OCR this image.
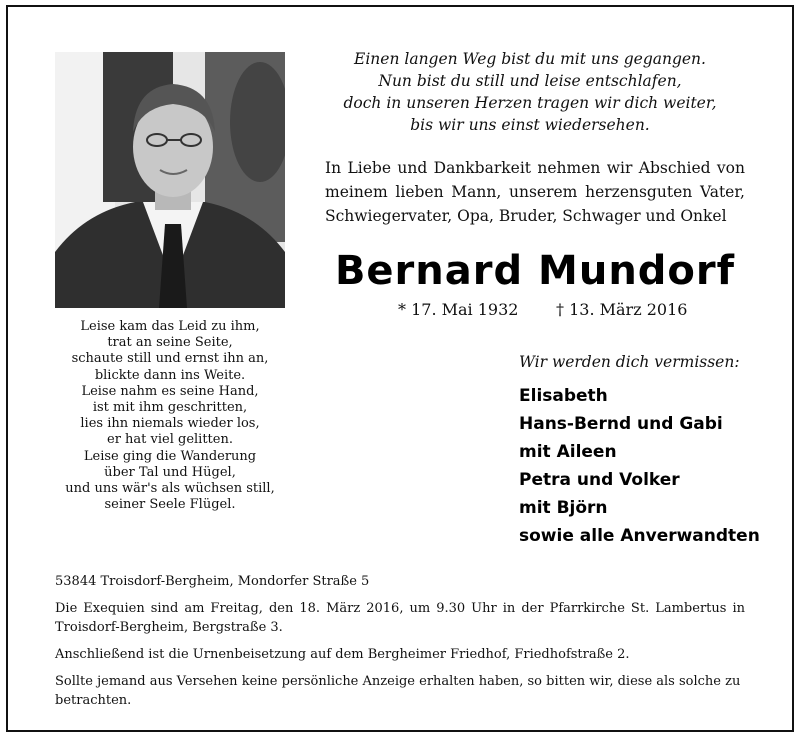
Einen langen Weg bist du mit uns gegangen.
Nun bist du still und leise entschlafen,
doch in unseren Herzen tragen wir dich weiter,
bis wir uns einst wiedersehen.
In Liebe und Dankbarkeit nehmen wir Abschied von
meinem lieben Mann, unserem herzensguten Vater,
Schwiegervater, Opa, Bruder, Schwager und Onkel
Bernard Mundorf
* 17. Mai 1932 † 13. März 2016
Leise kam das Leid zu ihm,
trat an seine Seite,
schaute still und ernst ihn an,
blickte dann ins Weite.
Leise nahm es seine Hand,
ist mit ihm geschritten,
lies ihn niemals wieder los,
er hat viel gelitten.
Leise ging die Wanderung
über Tal und Hügel,
und uns wär's als wüchsen still,
seiner Seele Flügel.
Wir werden dich vermissen:
Elisabeth
Hans-Bernd und Gabi
mit Aileen
Petra und Volker
mit Björn
sowie alle Anverwandten

53844 Troisdorf-Bergheim, Mondorfer Straße 5

Die Exequien sind am Freitag, den 18. März 2016, um 9.30 Uhr in der Pfarrkirche St. Lambertus in Troisdorf-Bergheim, Bergstraße 3.

Anschließend ist die Urnenbeisetzung auf dem Bergheimer Friedhof, Friedhofstraße 2.

Sollte jemand aus Versehen keine persönliche Anzeige erhalten haben, so bitten wir, diese als solche zu betrachten.
